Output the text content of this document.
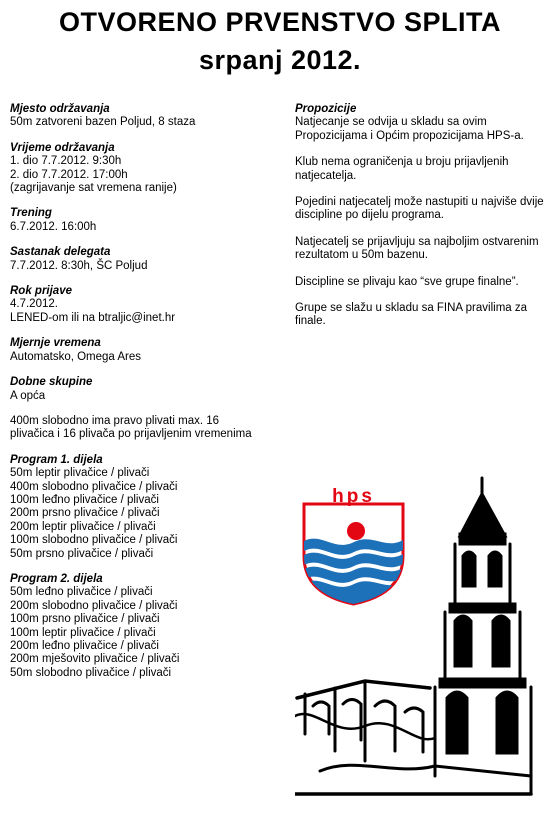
OTVORENO PRVENSTVO SPLITA
srpanj 2012.
Mjesto održavanja
50m zatvoreni bazen Poljud, 8 staza
Vrijeme održavanja
1. dio 7.7.2012. 9:30h
2. dio 7.7.2012. 17:00h
(zagrijavanje sat vremena ranije)
Trening
6.7.2012. 16:00h
Sastanak delegata
7.7.2012. 8:30h, ŠC Poljud
Rok prijave
4.7.2012.
LENED-om ili na btraljic@inet.hr
Mjernje vremena
Automatsko, Omega Ares
Dobne skupine
A opća
400m slobodno ima pravo plivati max. 16
plivačica i 16 plivača po prijavljenim vremenima
Program 1. dijela
50m leptir plivačice / plivači
400m slobodno plivačice / plivači
100m leđno plivačice / plivači
200m prsno plivačice / plivači
200m leptir plivačice / plivači
100m slobodno plivačice / plivači
50m prsno plivačice / plivači
Program 2. dijela
50m leđno plivačice / plivači
200m slobodno plivačice / plivači
100m prsno plivačice / plivači
100m leptir plivačice / plivači
200m leđno plivačice / plivači
200m mješovito plivačice / plivači
50m slobodno plivačice / plivači
Propozicije
Natjecanje se odvija u skladu sa ovim
Propozicijama i Općim propozicijama HPS-a.
Klub nema ograničenja u broju prijavljenih
natjecatelja.
Pojedini natjecatelj može nastupiti u najviše dvije
discipline po dijelu programa.
Natjecatelj se prijavljuju sa najboljim ostvarenim
rezultatom u 50m bazenu.
Discipline se plivaju kao “sve grupe finalne”.
Grupe se slažu u skladu sa FINA pravilima za
finale.
hps
